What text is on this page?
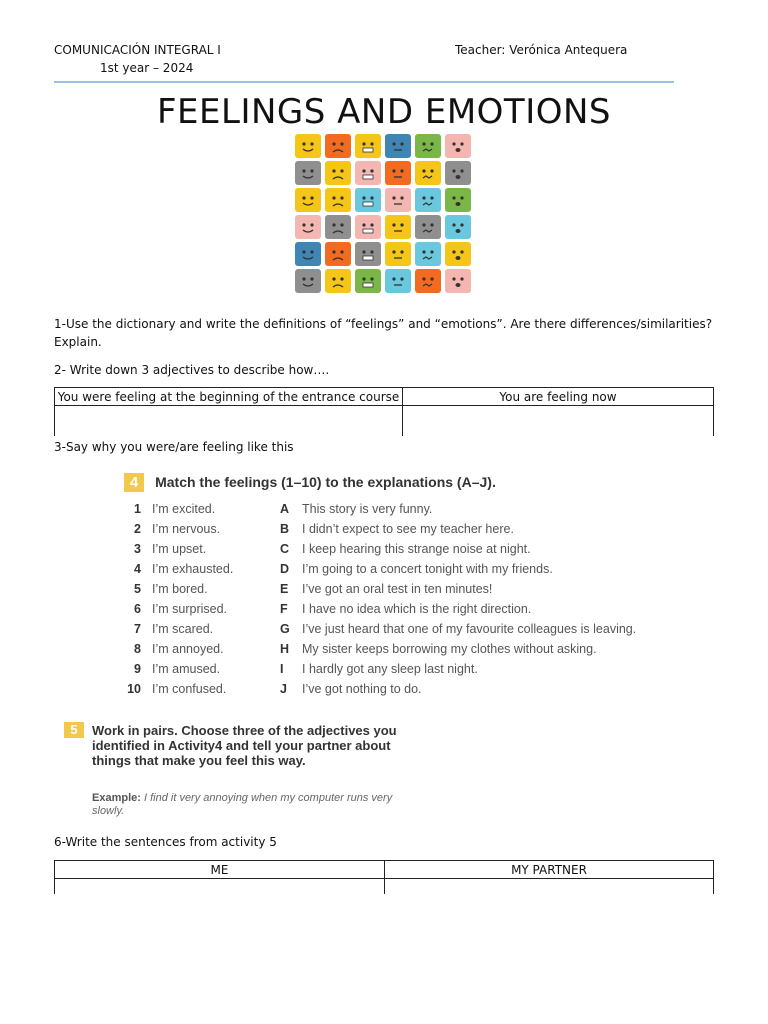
COMUNICACIÓN INTEGRAL I
1st year – 2024
Teacher: Verónica Antequera
FEELINGS AND EMOTIONS
1-Use the dictionary and write the definitions of “feelings” and “emotions”. Are there differences/similarities? Explain.
2- Write down 3 adjectives to describe how….
You were feeling at the beginning of the entrance course	You are feeling now

3-Say why you were/are feeling like this
4 Match the feelings (1–10) to the explanations (A–J).
1 I’m excited.	A This story is very funny.
2 I’m nervous.	B I didn’t expect to see my teacher here.
3 I’m upset.	C I keep hearing this strange noise at night.
4 I’m exhausted.	D I’m going to a concert tonight with my friends.
5 I’m bored.	E I’ve got an oral test in ten minutes!
6 I’m surprised.	F I have no idea which is the right direction.
7 I’m scared.	G I’ve just heard that one of my favourite colleagues is leaving.
8 I’m annoyed.	H My sister keeps borrowing my clothes without asking.
9 I’m amused.	I I hardly got any sleep last night.
10 I’m confused.	J I’ve got nothing to do.
5	Work in pairs. Choose three of the adjectives you identified in Activity4 and tell your partner about things that make you feel this way.
Example: I find it very annoying when my computer runs very slowly.
6-Write the sentences from activity 5
ME	MY PARTNER
